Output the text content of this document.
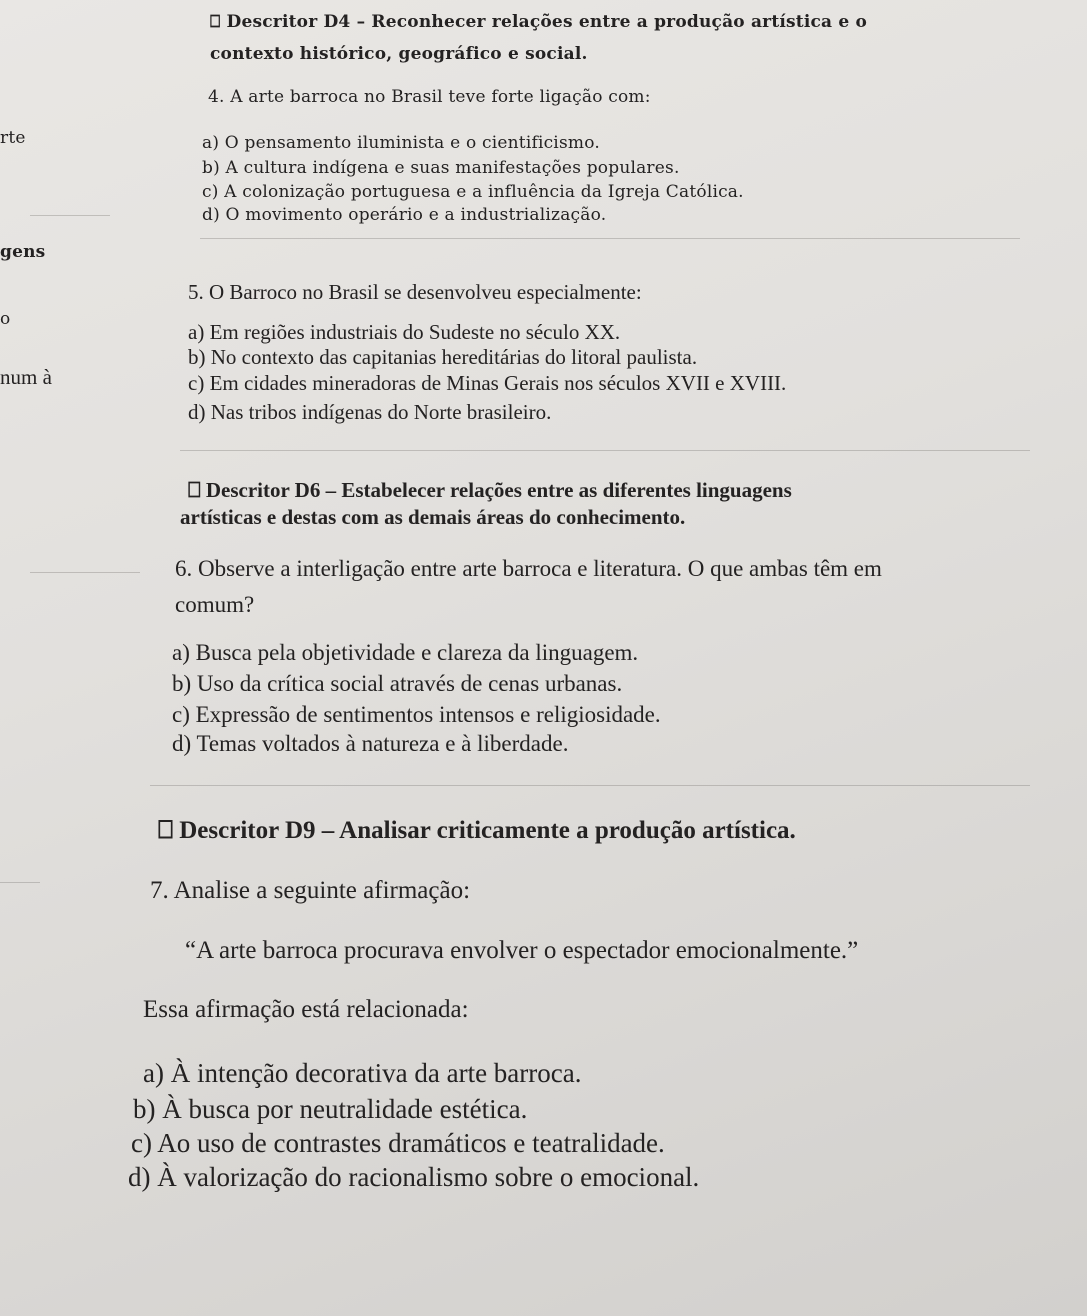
rte
gens
o
num à
⎕ Descritor D4 – Reconhecer relações entre a produção artística e o
contexto histórico, geográfico e social.
4. A arte barroca no Brasil teve forte ligação com:
a) O pensamento iluminista e o cientificismo.
b) A cultura indígena e suas manifestações populares.
c) A colonização portuguesa e a influência da Igreja Católica.
d) O movimento operário e a industrialização.
5. O Barroco no Brasil se desenvolveu especialmente:
a) Em regiões industriais do Sudeste no século XX.
b) No contexto das capitanias hereditárias do litoral paulista.
c) Em cidades mineradoras de Minas Gerais nos séculos XVII e XVIII.
d) Nas tribos indígenas do Norte brasileiro.
⎕ Descritor D6 – Estabelecer relações entre as diferentes linguagens
artísticas e destas com as demais áreas do conhecimento.
6. Observe a interligação entre arte barroca e literatura. O que ambas têm em
comum?
a) Busca pela objetividade e clareza da linguagem.
b) Uso da crítica social através de cenas urbanas.
c) Expressão de sentimentos intensos e religiosidade.
d) Temas voltados à natureza e à liberdade.
⎕ Descritor D9 – Analisar criticamente a produção artística.
7. Analise a seguinte afirmação:
“A arte barroca procurava envolver o espectador emocionalmente.”
Essa afirmação está relacionada:
a) À intenção decorativa da arte barroca.
b) À busca por neutralidade estética.
c) Ao uso de contrastes dramáticos e teatralidade.
d) À valorização do racionalismo sobre o emocional.
